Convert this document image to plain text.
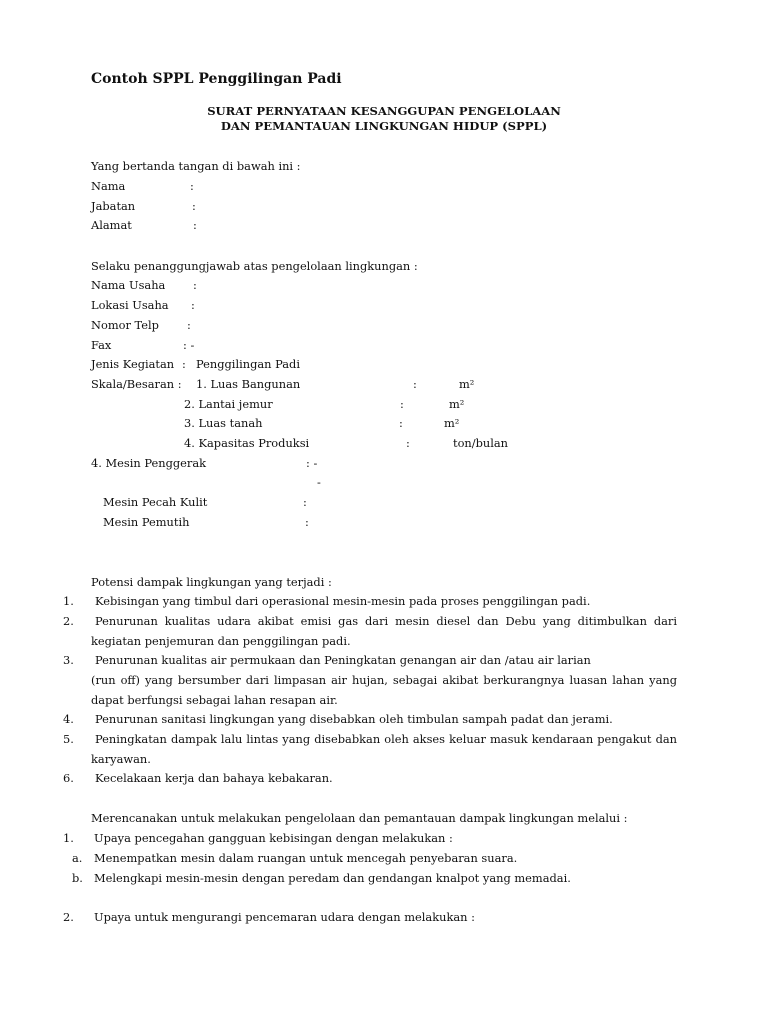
Contoh SPPL Penggilingan Padi
SURAT PERNYATAAN KESANGGUPAN PENGELOLAAN
DAN PEMANTAUAN LINGKUNGAN HIDUP (SPPL)
Yang bertanda tangan di bawah ini :
Nama	:
Jabatan	:
Alamat	:
Selaku penanggungjawab atas pengelolaan lingkungan :
Nama Usaha :
Lokasi Usaha :
Nomor Telp :
Fax	: -
Jenis Kegiatan : Penggilingan Padi
Skala/Besaran : 1. Luas Bangunan	:	m²
2. Lantai jemur	:	m²
3. Luas tanah	:	m²
4. Kapasitas Produksi	:	ton/bulan
4. Mesin Penggerak	: -
-
Mesin Pecah Kulit	:
Mesin Pemutih	:
Potensi dampak lingkungan yang terjadi :
1. Kebisingan yang timbul dari operasional mesin-mesin pada proses penggilingan padi.
2. Penurunan kualitas udara akibat emisi gas dari mesin diesel dan Debu yang ditimbulkan dari
kegiatan penjemuran dan penggilingan padi.
3. Penurunan kualitas air permukaan dan Peningkatan genangan air dan /atau air larian
(run off) yang bersumber dari limpasan air hujan, sebagai akibat berkurangnya luasan lahan yang
dapat berfungsi sebagai lahan resapan air.
4. Penurunan sanitasi lingkungan yang disebabkan oleh timbulan sampah padat dan jerami.
5. Peningkatan dampak lalu lintas yang disebabkan oleh akses keluar masuk kendaraan pengakut dan
karyawan.
6. Kecelakaan kerja dan bahaya kebakaran.
Merencanakan untuk melakukan pengelolaan dan pemantauan dampak lingkungan melalui :
1. Upaya pencegahan gangguan kebisingan dengan melakukan :
a. Menempatkan mesin dalam ruangan untuk mencegah penyebaran suara.
b. Melengkapi mesin-mesin dengan peredam dan gendangan knalpot yang memadai.
2. Upaya untuk mengurangi pencemaran udara dengan melakukan :
